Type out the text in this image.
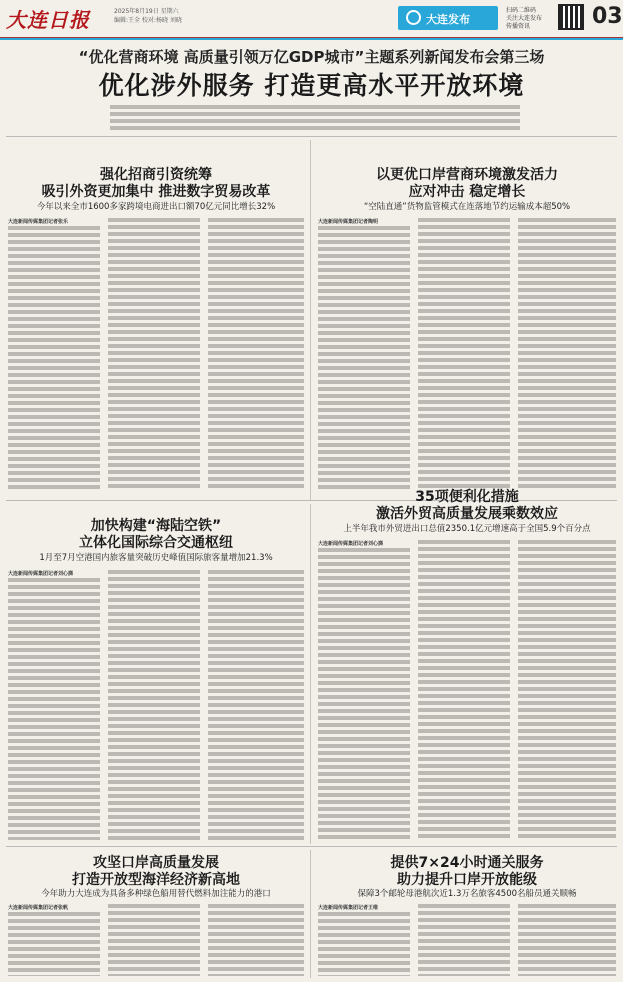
大连日报	2025年8月19日 星期六
编辑:王全 校对:杨晓 刘晓	大连发布
扫码二维码
关注大连发布
传播资讯	03
“优化营商环境 高质量引领万亿GDP城市”主题系列新闻发布会第三场
优化涉外服务 打造更高水平开放环境
强化招商引资统筹
吸引外资更加集中 推进数字贸易改革
今年以来全市1600多家跨境电商进出口额70亿元同比增长32%
大连新闻传媒集团记者张乐
以更优口岸营商环境激发活力
应对冲击 稳定增长
“空陆直通”货物监管模式在连落地节约运输成本超50%
大连新闻传媒集团记者陶明
加快构建“海陆空铁”
立体化国际综合交通枢纽
1月至7月空港国内旅客量突破历史峰值国际旅客量增加21.3%
大连新闻传媒集团记者刘心旖
35项便利化措施
激活外贸高质量发展乘数效应
上半年我市外贸进出口总值2350.1亿元增速高于全国5.9个百分点
大连新闻传媒集团记者刘心旖
攻坚口岸高质量发展
打造开放型海洋经济新高地
今年助力大连成为具备多种绿色船用替代燃料加注能力的港口
大连新闻传媒集团记者张帆
提供7×24小时通关服务
助力提升口岸开放能级
保障3个邮轮母港航次近1.3万名旅客4500名船员通关顺畅
大连新闻传媒集团记者王维
